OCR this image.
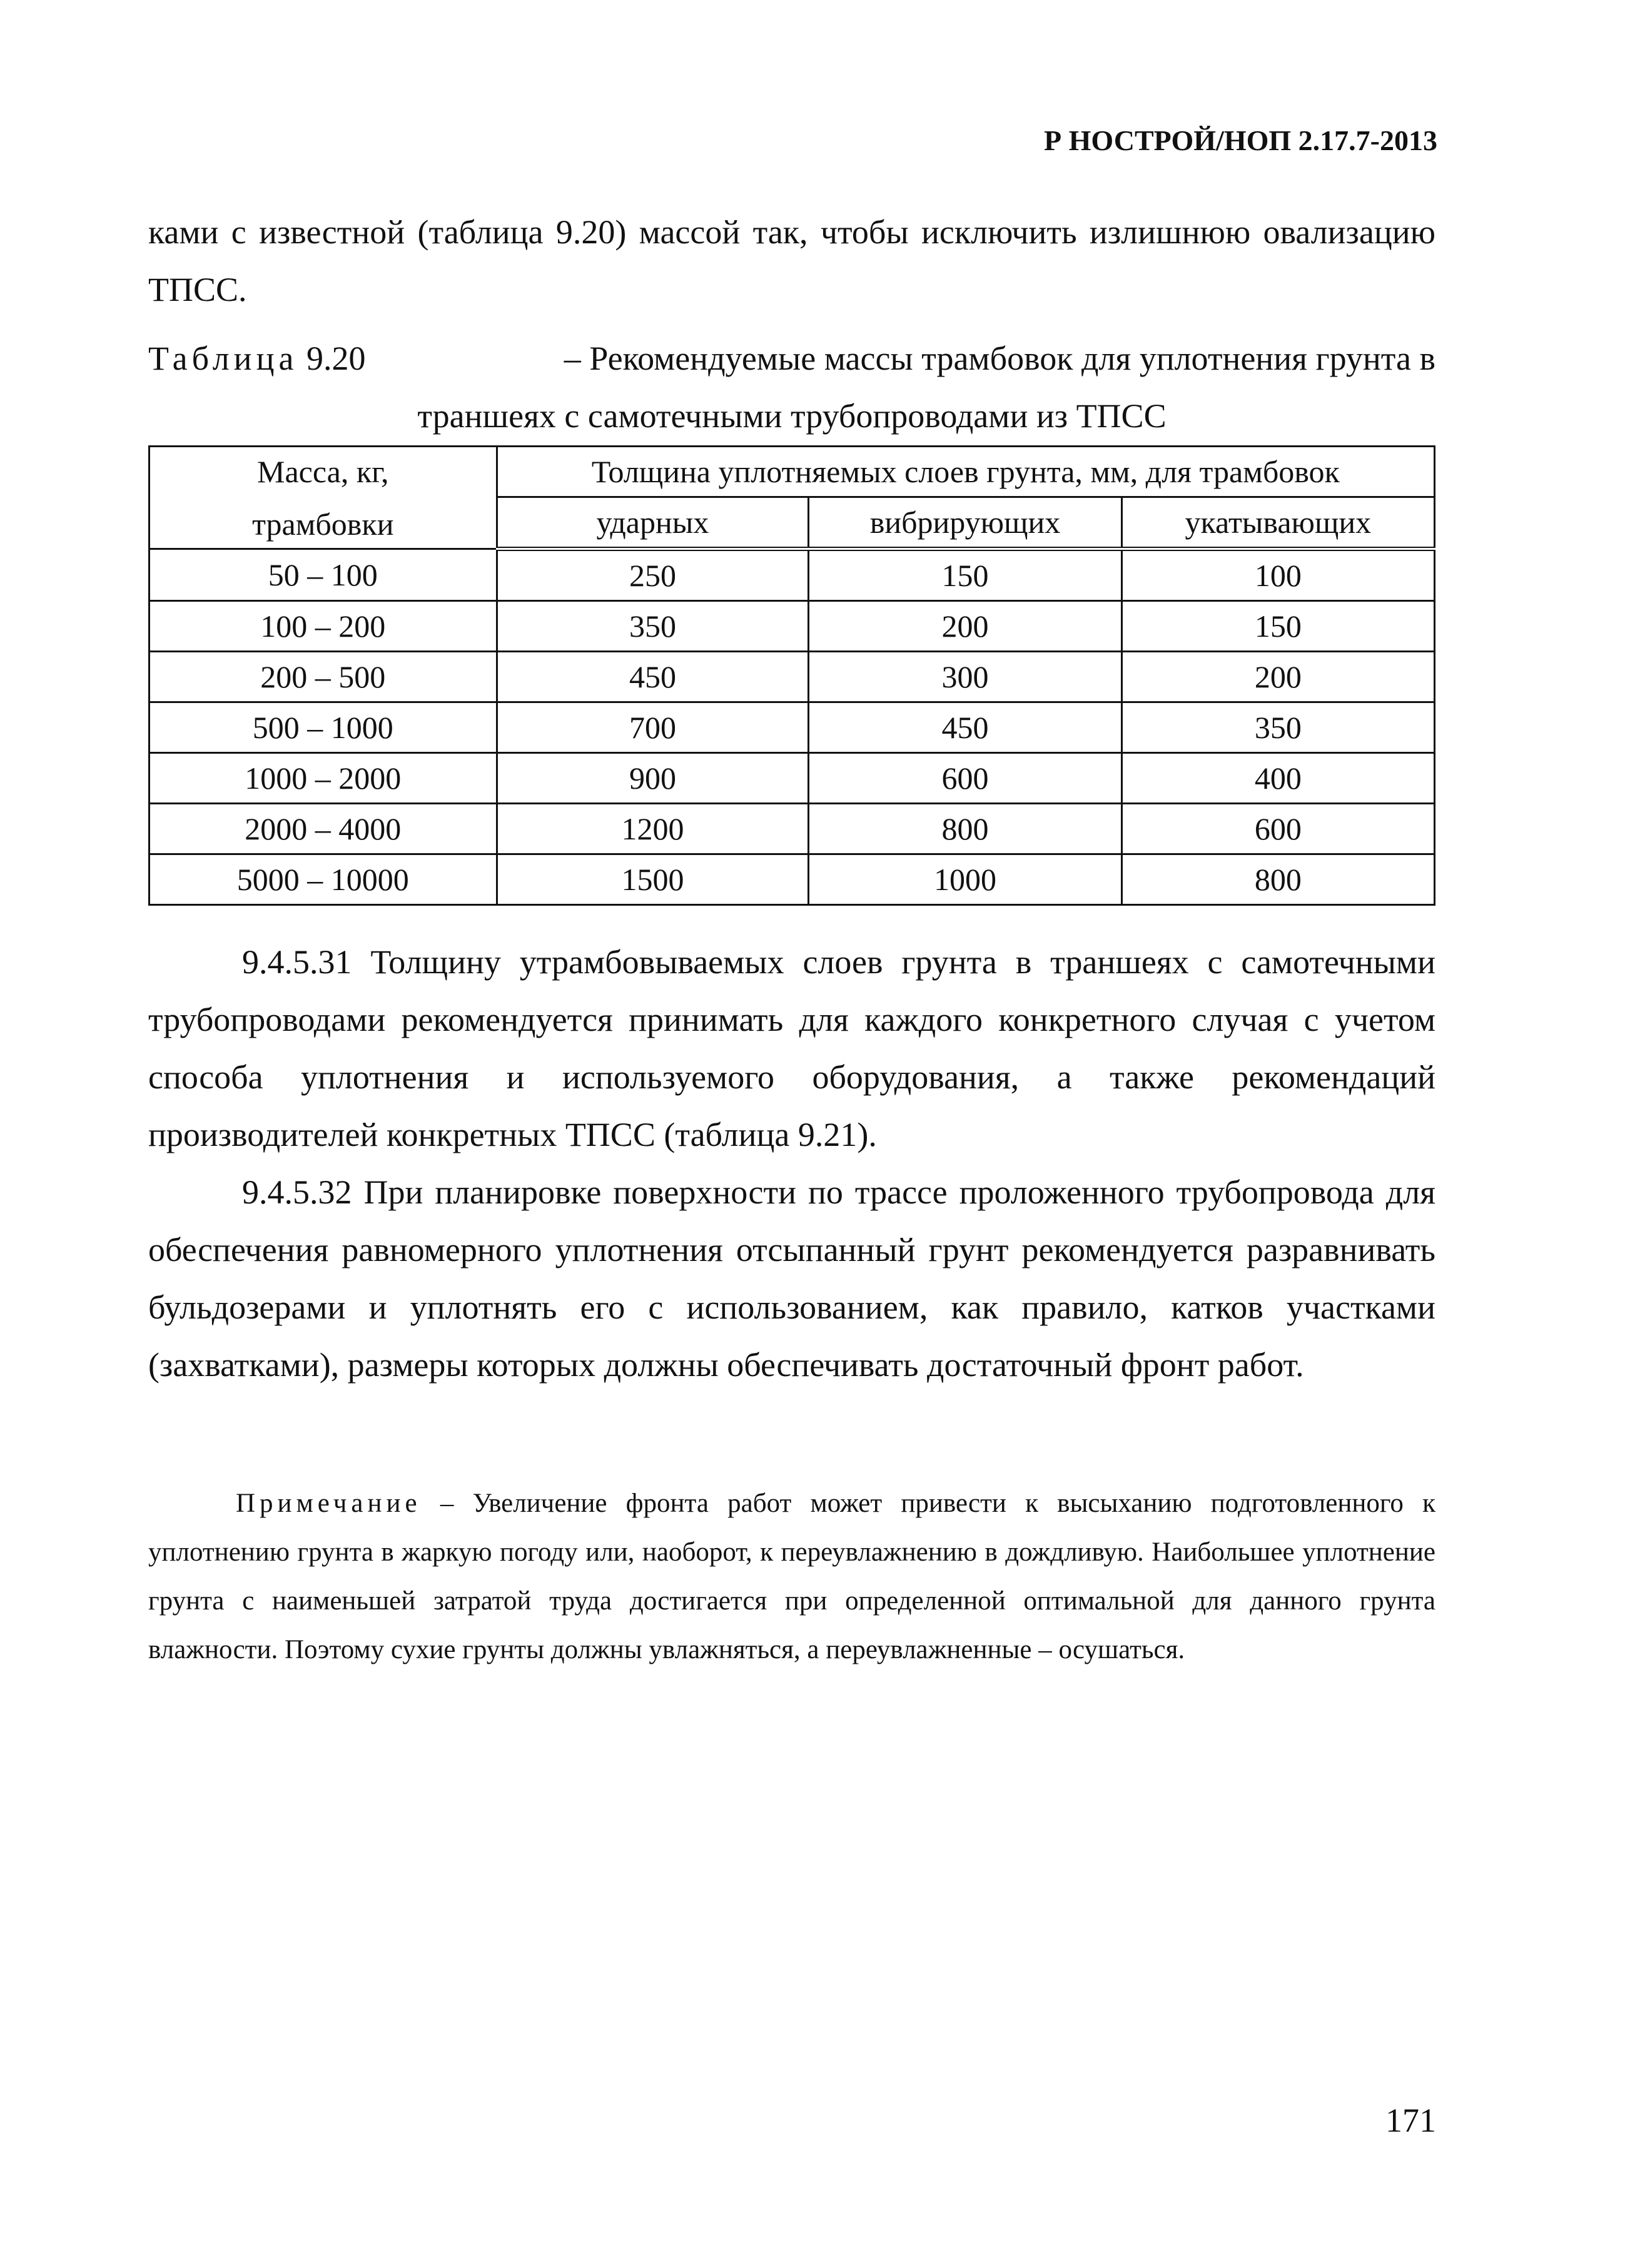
Р НОСТРОЙ/НОП 2.17.7-2013

ками с известной (таблица 9.20) массой так, чтобы исключить излишнюю овализацию ТПСС.

Таблица 9.20	– Рекомендуемые массы трамбовок для уплотнения грунта в
траншеях с самотечными трубопроводами из ТПСС
Масса, кг,
трамбовки	Толщина уплотняемых слоев грунта, мм, для трамбовок		
	ударных	вибрирующих	укатывающих
50 – 100	250	150	100
100 – 200	350	200	150
200 – 500	450	300	200
500 – 1000	700	450	350
1000 – 2000	900	600	400
2000 – 4000	1200	800	600
5000 – 10000	1500	1000	800

9.4.5.31 Толщину утрамбовываемых слоев грунта в траншеях с самотечными трубопроводами рекомендуется принимать для каждого конкретного случая с учетом способа уплотнения и используемого оборудования, а также рекомендаций производителей конкретных ТПСС (таблица 9.21).

9.4.5.32 При планировке поверхности по трассе проложенного трубопровода для обеспечения равномерного уплотнения отсыпанный грунт рекомендуется разравнивать бульдозерами и уплотнять его с использованием, как правило, катков участками (захватками), размеры которых должны обеспечивать достаточный фронт работ.

Примечание – Увеличение фронта работ может привести к высыханию подготовленного к уплотнению грунта в жаркую погоду или, наоборот, к переувлажнению в дождливую. Наибольшее уплотнение грунта с наименьшей затратой труда достигается при определенной оптимальной для данного грунта влажности. Поэтому сухие грунты должны увлажняться, а переувлажненные – осушаться.

171
